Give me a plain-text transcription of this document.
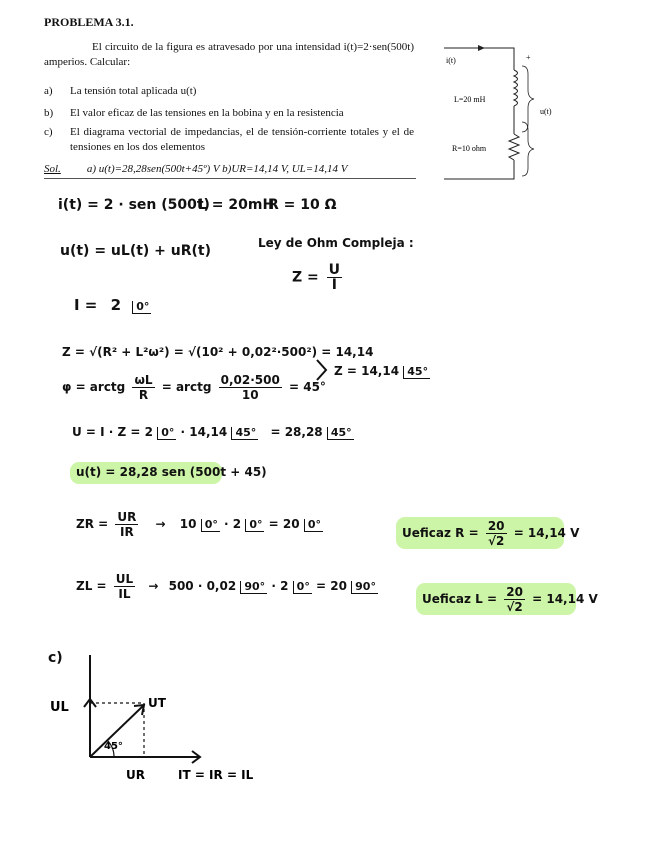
PROBLEMA 3.1.
El circuito de la figura es atravesado por una intensidad i(t)=2·sen(500t) amperios. Calcular:
a) La tensión total aplicada u(t)
b) El valor eficaz de las tensiones en la bobina y en la resistencia
c) El diagrama vectorial de impedancias, el de tensión-corriente totales y el de tensiones en los dos elementos
Sol. a) u(t)=28,28sen(500t+45º) V b)UR=14,14 V, UL=14,14 V
i(t)	+
L=20 mH
R=10 ohm
u(t)
i(t) = 2 · sen (500t)
L = 20mH
R = 10 Ω
u(t) = uL(t) + uR(t)	Ley de Ohm Compleja :
$Z = \frac{U}{I}$
I = 2 0°
Z = √(R² + L²ω²) = √(10² + 0,02²·500²) = 14,14
φ = arctg $\frac{\omega L}{R}$ = arctg $\frac{0,02\cdot 500}{10} = 45^\circ$
Z = 14,14 45°
U = I · Z = 2 0° · 14,14 45° = 28,28 45°
u(t) = 28,28 sen (500t + 45)
ZR = $\frac{UR}{IR} \to 10$ 0° · 2 0° = 20 0°
Ueficaz $R = \frac{20}{√2} = 14,14$ V
ZL = $\frac{UL}{IL} \to 500 \cdot 0,02$ 90° · 2 0° = 20 90°
Ueficaz $L = \frac{20}{√2} = 14,14$ V
c)
UL	UT
UR
45°
IT = IR = IL
